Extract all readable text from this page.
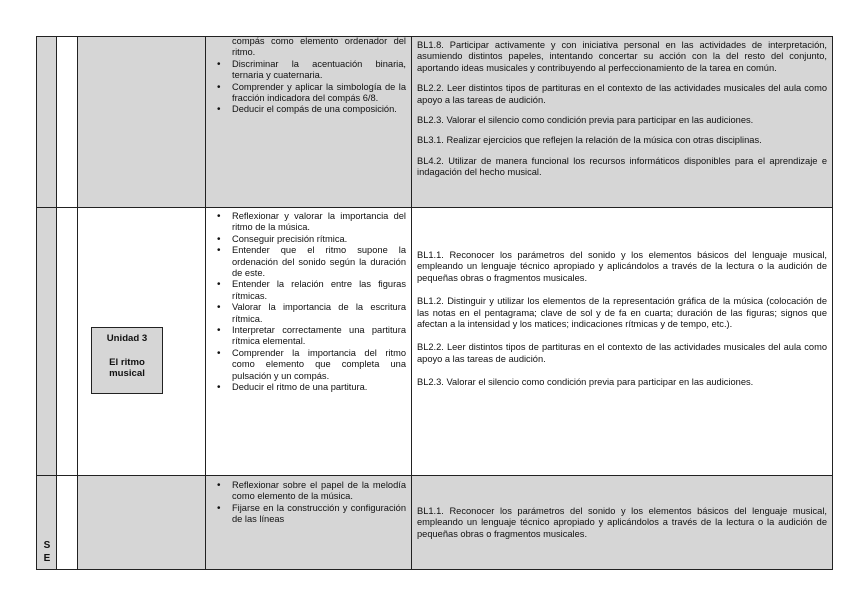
compás como elemento ordenador del ritmo.
• Discriminar la acentuación binaria, ternaria y cuaternaria.
• Comprender y aplicar la simbología de la fracción indicadora del compás 6/8.
• Deducir el compás de una composición.

BL1.8. Participar activamente y con iniciativa personal en las actividades de interpretación, asumiendo distintos papeles, intentando concertar su acción con la del resto del conjunto, aportando ideas musicales y contribuyendo al perfeccionamiento de la tarea en común.

BL2.2. Leer distintos tipos de partituras en el contexto de las actividades musicales del aula como apoyo a las tareas de audición.

BL2.3. Valorar el silencio como condición previa para participar en las audiciones.

BL3.1. Realizar ejercicios que reflejen la relación de la música con otras disciplinas.

BL4.2. Utilizar de manera funcional los recursos informáticos disponibles para el aprendizaje e indagación del hecho musical.

Unidad 3
El ritmo
musical
• Reflexionar y valorar la importancia del ritmo de la música.
• Conseguir precisión rítmica.
• Entender que el ritmo supone la ordenación del sonido según la duración de este.
• Entender la relación entre las figuras rítmicas.
• Valorar la importancia de la escritura rítmica.
• Interpretar correctamente una partitura rítmica elemental.
• Comprender la importancia del ritmo como elemento que completa una pulsación y un compás.
• Deducir el ritmo de una partitura.

BL1.1. Reconocer los parámetros del sonido y los elementos básicos del lenguaje musical, empleando un lenguaje técnico apropiado y aplicándolos a través de la lectura o la audición de pequeñas obras o fragmentos musicales.

BL1.2. Distinguir y utilizar los elementos de la representación gráfica de la música (colocación de las notas en el pentagrama; clave de sol y de fa en cuarta; duración de las figuras; signos que afectan a la intensidad y los matices; indicaciones rítmicas y de tempo, etc.).

BL2.2. Leer distintos tipos de partituras en el contexto de las actividades musicales del aula como apoyo a las tareas de audición.

BL2.3. Valorar el silencio como condición previa para participar en las audiciones.

S
E
• Reflexionar sobre el papel de la melodía como elemento de la música.
• Fijarse en la construcción y configuración de las líneas

BL1.1. Reconocer los parámetros del sonido y los elementos básicos del lenguaje musical, empleando un lenguaje técnico apropiado y aplicándolos a través de la lectura o la audición de pequeñas obras o fragmentos musicales.
